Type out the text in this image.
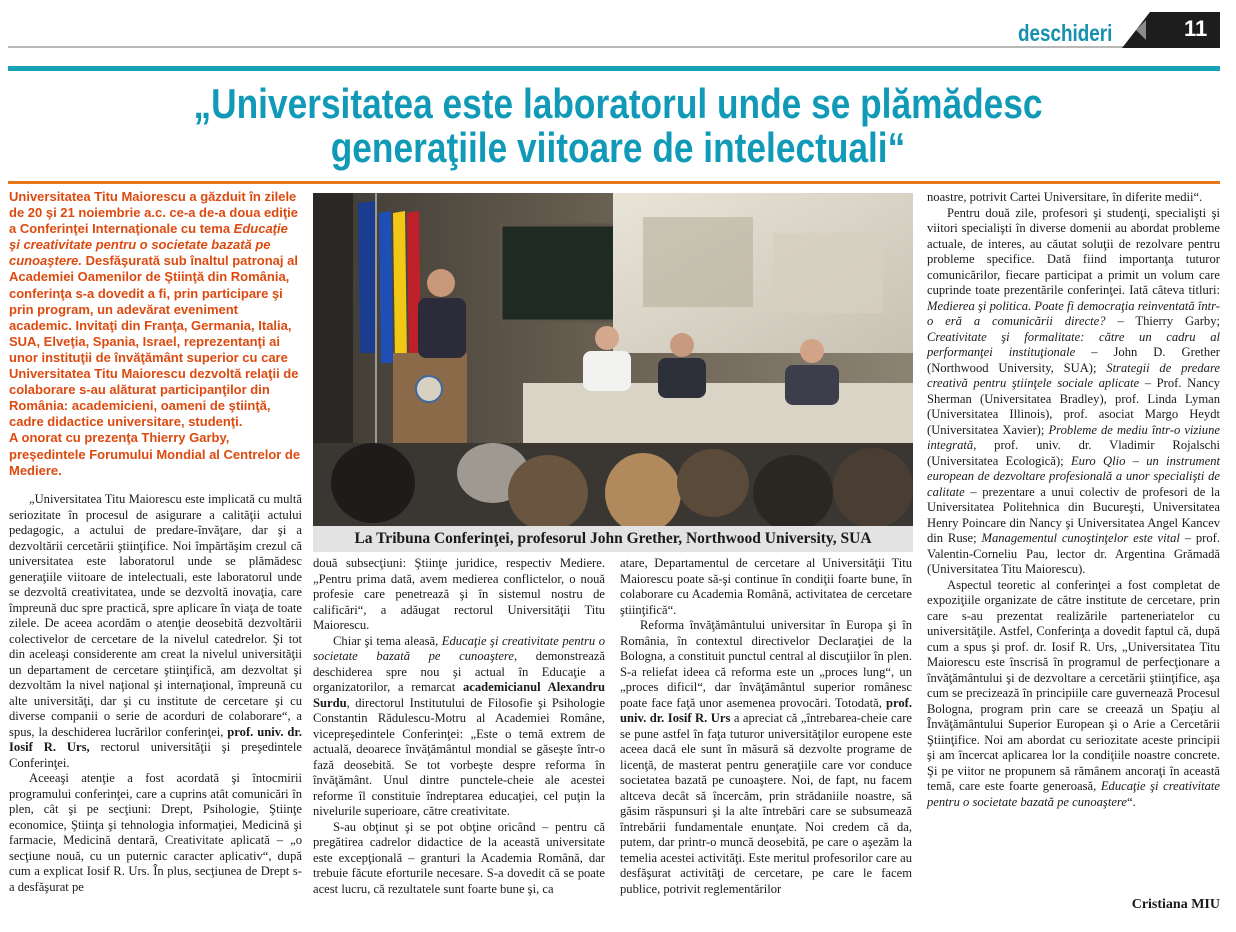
deschideri	11
„Universitatea este laboratorul unde se plămădesc
generaţiile viitoare de intelectuali“
Universitatea Titu Maiorescu a găzduit în zilele de 20 şi 21 noiembrie a.c. ce-a de-a doua ediţie a Conferinţei Internaţionale cu tema Educaţie şi creativitate pentru o societate bazată pe cunoaştere. Desfăşurată sub înaltul patronaj al Academiei Oamenilor de Ştiinţă din România, conferinţa s-a dovedit a fi, prin participare şi prin program, un adevărat eveniment academic. Invitaţi din Franţa, Germania, Italia, SUA, Elveţia, Spania, Israel, reprezentanţi ai unor instituţii de învăţământ superior cu care Universitatea Titu Maiorescu dezvoltă relaţii de colaborare s-au alăturat participanţilor din România: academicieni, oameni de ştiinţă, cadre didactice universitare, studenţi.
A onorat cu prezenţa Thierry Garby, preşedintele Forumului Mondial al Centrelor de Mediere.

„Universitatea Titu Maiorescu este implicată cu multă seriozitate în procesul de asigurare a calităţii actului pedagogic, a actului de predare-învăţare, dar şi a dezvoltării cercetării ştiinţifice. Noi împărtăşim crezul că universitatea este laboratorul unde se plămădesc generaţiile viitoare de intelectuali, este laboratorul unde se dezvoltă creativitatea, unde se dezvoltă inovaţia, care împreună duc spre practică, spre aplicare în viaţa de toate zilele. De aceea acordăm o atenţie deosebită dezvoltării colectivelor de cercetare de la nivelul catedrelor. Şi tot din aceleaşi considerente am creat la nivelul universităţii un departament de cercetare ştiinţifică, am dezvoltat şi dezvoltăm la nivel naţional şi internaţional, împreună cu alte universităţi, dar şi cu institute de cercetare şi cu diverse companii o serie de acorduri de colaborare“, a spus, la deschiderea lucrărilor conferinţei, prof. univ. dr. Iosif R. Urs, rectorul universităţii şi preşedintele Conferinţei.

Aceeaşi atenţie a fost acordată şi întocmirii programului conferinţei, care a cuprins atât comunicări în plen, cât şi pe secţiuni: Drept, Psihologie, Ştiinţe economice, Ştiinţa şi tehnologia informaţiei, Medicină şi farmacie, Medicină dentară, Creativitate aplicată – „o secţiune nouă, cu un puternic caracter aplicativ“, după cum a explicat Iosif R. Urs. În plus, secţiunea de Drept s-a desfăşurat pe

La Tribuna Conferinţei, profesorul John Grether, Northwood University, SUA

două subsecţiuni: Ştiinţe juridice, respectiv Mediere. „Pentru prima dată, avem medierea conflictelor, o nouă profesie care penetrează şi în sistemul nostru de calificări“, a adăugat rectorul Universităţii Titu Maiorescu.

Chiar şi tema aleasă, Educaţie şi creativitate pentru o societate bazată pe cunoaştere, demonstrează deschiderea spre nou şi actual în Educaţie a organizatorilor, a remarcat academicianul Alexandru Surdu, directorul Institutului de Filosofie şi Psihologie Constantin Rădulescu-Motru al Academiei Române, vicepreşedintele Conferinţei: „Este o temă extrem de actuală, deoarece învăţământul mondial se găseşte într-o fază deosebită. Se tot vorbeşte despre reforma în învăţământ. Unul dintre punctele-cheie ale acestei reforme îl constituie îndreptarea educaţiei, cel puţin la nivelurile superioare, către creativitate.

S-au obţinut şi se pot obţine oricând – pentru că pregătirea cadrelor didactice de la această universitate este excepţională – granturi la Academia Română, dar trebuie făcute eforturile necesare. S-a dovedit că se poate acest lucru, că rezultatele sunt foarte bune şi, ca

atare, Departamentul de cercetare al Universităţii Titu Maiorescu poate să-şi continue în condiţii foarte bune, în colaborare cu Academia Română, activitatea de cercetare ştiinţifică“.

Reforma învăţământului universitar în Europa şi în România, în contextul directivelor Declaraţiei de la Bologna, a constituit punctul central al discuţiilor în plen. S-a reliefat ideea că reforma este un „proces lung“, un „proces dificil“, dar învăţământul superior românesc poate face faţă unor asemenea provocări. Totodată, prof. univ. dr. Iosif R. Urs a apreciat că „întrebarea-cheie care se pune astfel în faţa tuturor universităţilor europene este aceea dacă ele sunt în măsură să dezvolte programe de licenţă, de masterat pentru generaţiile care vor conduce societatea bazată pe cunoaştere. Noi, de fapt, nu facem altceva decât să încercăm, prin strădaniile noastre, să găsim răspunsuri şi la alte întrebări care se subsumează întrebării fundamentale enunţate. Noi credem că da, putem, dar printr-o muncă deosebită, pe care o aşezăm la temelia acestei activităţi. Este meritul profesorilor care au desfăşurat activităţi de cercetare, pe care le facem publice, potrivit reglementărilor

noastre, potrivit Cartei Universitare, în diferite medii“.

Pentru două zile, profesori şi studenţi, specialişti şi viitori specialişti în diverse domenii au abordat probleme actuale, de interes, au căutat soluţii de rezolvare pentru probleme specifice. Dată fiind importanţa tuturor comunicărilor, fiecare participat a primit un volum care cuprinde toate prezentările conferinţei. Iată câteva titluri: Medierea şi politica. Poate fi democraţia reinventată într-o eră a comunicării directe? – Thierry Garby; Creativitate şi formalitate: către un cadru al performanţei instituţionale – John D. Grether (Northwood University, SUA); Strategii de predare creativă pentru ştiinţele sociale aplicate – Prof. Nancy Sherman (Universitatea Bradley), prof. Linda Lyman (Universitatea Illinois), prof. asociat Margo Heydt (Universitatea Xavier); Probleme de mediu într-o viziune integrată, prof. univ. dr. Vladimir Rojalschi (Universitatea Ecologică); Euro Qlio – un instrument european de dezvoltare profesională a unor specialişti de calitate – prezentare a unui colectiv de profesori de la Universitatea Politehnica din Bucureşti, Universitatea Henry Poincare din Nancy şi Universitatea Angel Kancev din Ruse; Managementul cunoştinţelor este vital – prof. Valentin-Corneliu Pau, lector dr. Argentina Grămadă (Universitatea Titu Maiorescu).

Aspectul teoretic al conferinţei a fost completat de expoziţiile organizate de către institute de cercetare, prin care s-au prezentat realizările parteneriatelor cu universităţile. Astfel, Conferinţa a dovedit faptul că, după cum a spus şi prof. dr. Iosif R. Urs, „Universitatea Titu Maiorescu este înscrisă în programul de perfecţionare a învăţământului şi de dezvoltare a cercetării ştiinţifice, aşa cum se precizează în principiile care guvernează Procesul Bologna, program prin care se creează un Spaţiu al Învăţământului Superior European şi o Arie a Cercetării Ştiinţifice. Noi am abordat cu seriozitate aceste principii şi am încercat aplicarea lor la condiţiile noastre concrete. Şi pe viitor ne propunem să rămânem ancoraţi în această temă, care este foarte generoasă, Educaţie şi creativitate pentru o societate bazată pe cunoaştere“.

Cristiana MIU
